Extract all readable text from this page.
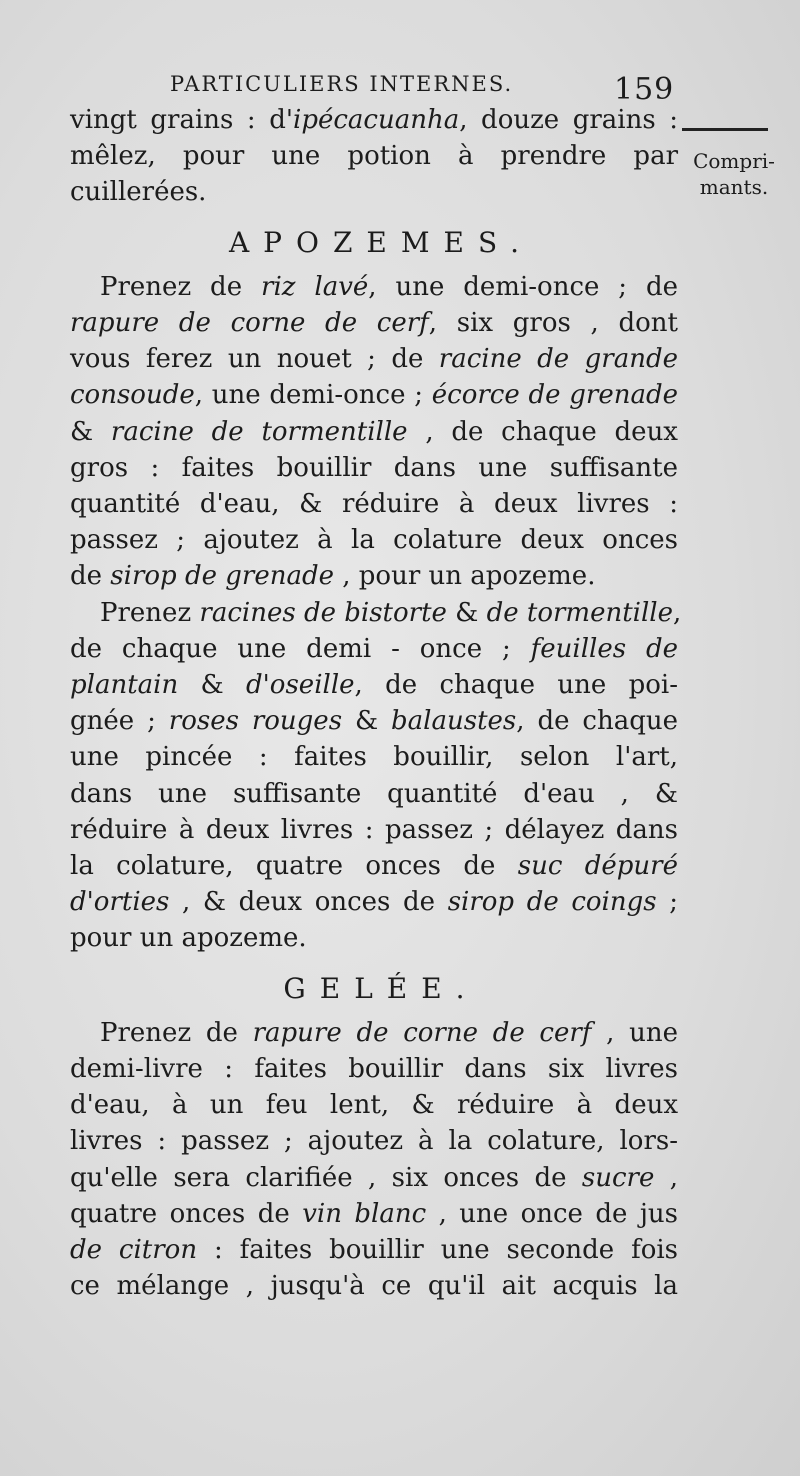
PARTICULIERS INTERNES.	159
Compri-
mants.
vingt grains : d'ipécacuanha, douze grains :
mêlez, pour une potion à prendre par
cuillerées.
APOZEMES.
Prenez de riz lavé, une demi-once ; de
rapure de corne de cerf, six gros , dont
vous ferez un nouet ; de racine de grande
consoude, une demi-once ; écorce de grenade
& racine de tormentille , de chaque deux
gros : faites bouillir dans une suffisante
quantité d'eau, & réduire à deux livres :
passez ; ajoutez à la colature deux onces
de sirop de grenade , pour un apozeme.
Prenez racines de bistorte & de tormentille,
de chaque une demi - once ; feuilles de
plantain & d'oseille, de chaque une poi-
gnée ; roses rouges & balaustes, de chaque
une pincée : faites bouillir, selon l'art,
dans une suffisante quantité d'eau , &
réduire à deux livres : passez ; délayez dans
la colature, quatre onces de suc dépuré
d'orties , & deux onces de sirop de coings ;
pour un apozeme.
GELÉE.
Prenez de rapure de corne de cerf , une
demi-livre : faites bouillir dans six livres
d'eau, à un feu lent, & réduire à deux
livres : passez ; ajoutez à la colature, lors-
qu'elle sera clarifiée , six onces de sucre ,
quatre onces de vin blanc , une once de jus
de citron : faites bouillir une seconde fois
ce mélange , jusqu'à ce qu'il ait acquis la
